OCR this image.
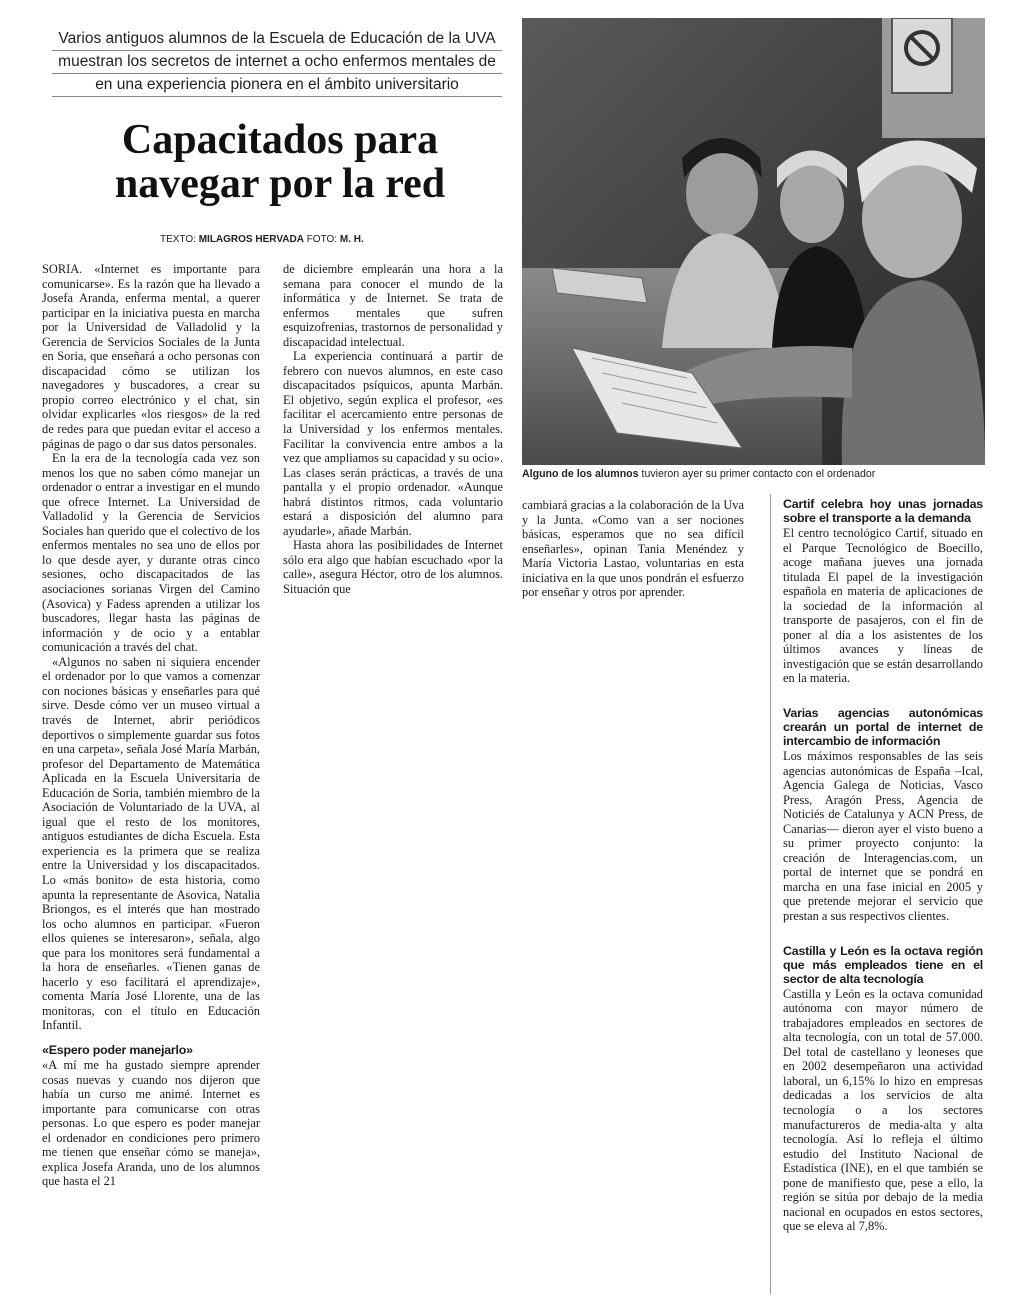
Varios antiguos alumnos de la Escuela de Educación de la UVA
muestran los secretos de internet a ocho enfermos mentales de
en una experiencia pionera en el ámbito universitario
Capacitados para
navegar por la red
TEXTO: MILAGROS HERVADA FOTO: M. H.

SORIA. «Internet es importante para comunicarse». Es la razón que ha llevado a Josefa Aranda, enferma mental, a querer participar en la iniciativa puesta en marcha por la Universidad de Valladolid y la Gerencia de Servicios Sociales de la Junta en Soria, que enseñará a ocho personas con discapacidad cómo se utilizan los navegadores y buscadores, a crear su propio correo electrónico y el chat, sin olvidar explicarles «los riesgos» de la red de redes para que puedan evitar el acceso a páginas de pago o dar sus datos personales.

En la era de la tecnología cada vez son menos los que no saben cómo manejar un ordenador o entrar a investigar en el mundo que ofrece Internet. La Universidad de Valladolid y la Gerencia de Servicios Sociales han querido que el colectivo de los enfermos mentales no sea uno de ellos por lo que desde ayer, y durante otras cinco sesiones, ocho discapacitados de las asociaciones sorianas Virgen del Camino (Asovica) y Fadess aprenden a utilizar los buscadores, llegar hasta las páginas de información y de ocio y a entablar comunicación a través del chat.

«Algunos no saben ni siquiera encender el ordenador por lo que vamos a comenzar con nociones básicas y enseñarles para qué sirve. Desde cómo ver un museo virtual a través de Internet, abrir periódicos deportivos o simplemente guardar sus fotos en una carpeta», señala José María Marbán, profesor del Departamento de Matemática Aplicada en la Escuela Universitaria de Educación de Soria, también miembro de la Asociación de Voluntariado de la UVA, al igual que el resto de los monitores, antiguos estudiantes de dicha Escuela. Esta experiencia es la primera que se realiza entre la Universidad y los discapacitados. Lo «más bonito» de esta historia, como apunta la representante de Asovica, Natalia Briongos, es el interés que han mostrado los ocho alumnos en participar. «Fueron ellos quienes se interesaron», señala, algo que para los monitores será fundamental a la hora de enseñarles. «Tienen ganas de hacerlo y eso facilitará el aprendizaje», comenta María José Llorente, una de las monitoras, con el título en Educación Infantil.

«Espero poder manejarlo»

«A mí me ha gustado siempre aprender cosas nuevas y cuando nos dijeron que había un curso me animé. Internet es importante para comunicarse con otras personas. Lo que espero es poder manejar el ordenador en condiciones pero primero me tienen que enseñar cómo se maneja», explica Josefa Aranda, uno de los alumnos que hasta el 21

de diciembre emplearán una hora a la semana para conocer el mundo de la informática y de Internet. Se trata de enfermos mentales que sufren esquizofrenias, trastornos de personalidad y discapacidad intelectual.

La experiencia continuará a partir de febrero con nuevos alumnos, en este caso discapacitados psíquicos, apunta Marbán. El objetivo, según explica el profesor, «es facilitar el acercamiento entre personas de la Universidad y los enfermos mentales. Facilitar la convivencia entre ambos a la vez que ampliamos su capacidad y su ocio». Las clases serán prácticas, a través de una pantalla y el propio ordenador. «Aunque habrá distintos ritmos, cada voluntario estará a disposición del alumno para ayudarle», añade Marbán.

Hasta ahora las posibilidades de Internet sólo era algo que habían escuchado «por la calle», asegura Héctor, otro de los alumnos. Situación que

Alguno de los alumnos tuvieron ayer su primer contacto con el ordenador

cambiará gracias a la colaboración de la Uva y la Junta. «Como van a ser nociones básicas, esperamos que no sea difícil enseñarles», opinan Tania Menéndez y María Victoria Lastao, voluntarias en esta iniciativa en la que unos pondrán el esfuerzo por enseñar y otros por aprender.

Cartif celebra hoy unas jornadas sobre el transporte a la demanda

El centro tecnológico Cartif, situado en el Parque Tecnológico de Boecillo, acoge mañana jueves una jornada titulada El papel de la investigación española en materia de aplicaciones de la sociedad de la información al transporte de pasajeros, con el fin de poner al día a los asistentes de los últimos avances y líneas de investigación que se están desarrollando en la materia.

Varias agencias autonómicas crearán un portal de internet de intercambio de información

Los máximos responsables de las seis agencias autonómicas de España –Ical, Agencia Galega de Noticias, Vasco Press, Aragón Press, Agencia de Noticiés de Catalunya y ACN Press, de Canarias— dieron ayer el visto bueno a su primer proyecto conjunto: la creación de Interagencias.com, un portal de internet que se pondrá en marcha en una fase inicial en 2005 y que pretende mejorar el servicio que prestan a sus respectivos clientes.

Castilla y León es la octava región que más empleados tiene en el sector de alta tecnología

Castilla y León es la octava comunidad autónoma con mayor número de trabajadores empleados en sectores de alta tecnología, con un total de 57.000. Del total de castellano y leoneses que en 2002 desempeñaron una actividad laboral, un 6,15% lo hizo en empresas dedicadas a los servicios de alta tecnología o a los sectores manufactureros de media-alta y alta tecnología. Así lo refleja el último estudio del Instituto Nacional de Estadística (INE), en el que también se pone de manifiesto que, pese a ello, la región se sitúa por debajo de la media nacional en ocupados en estos sectores, que se eleva al 7,8%.
